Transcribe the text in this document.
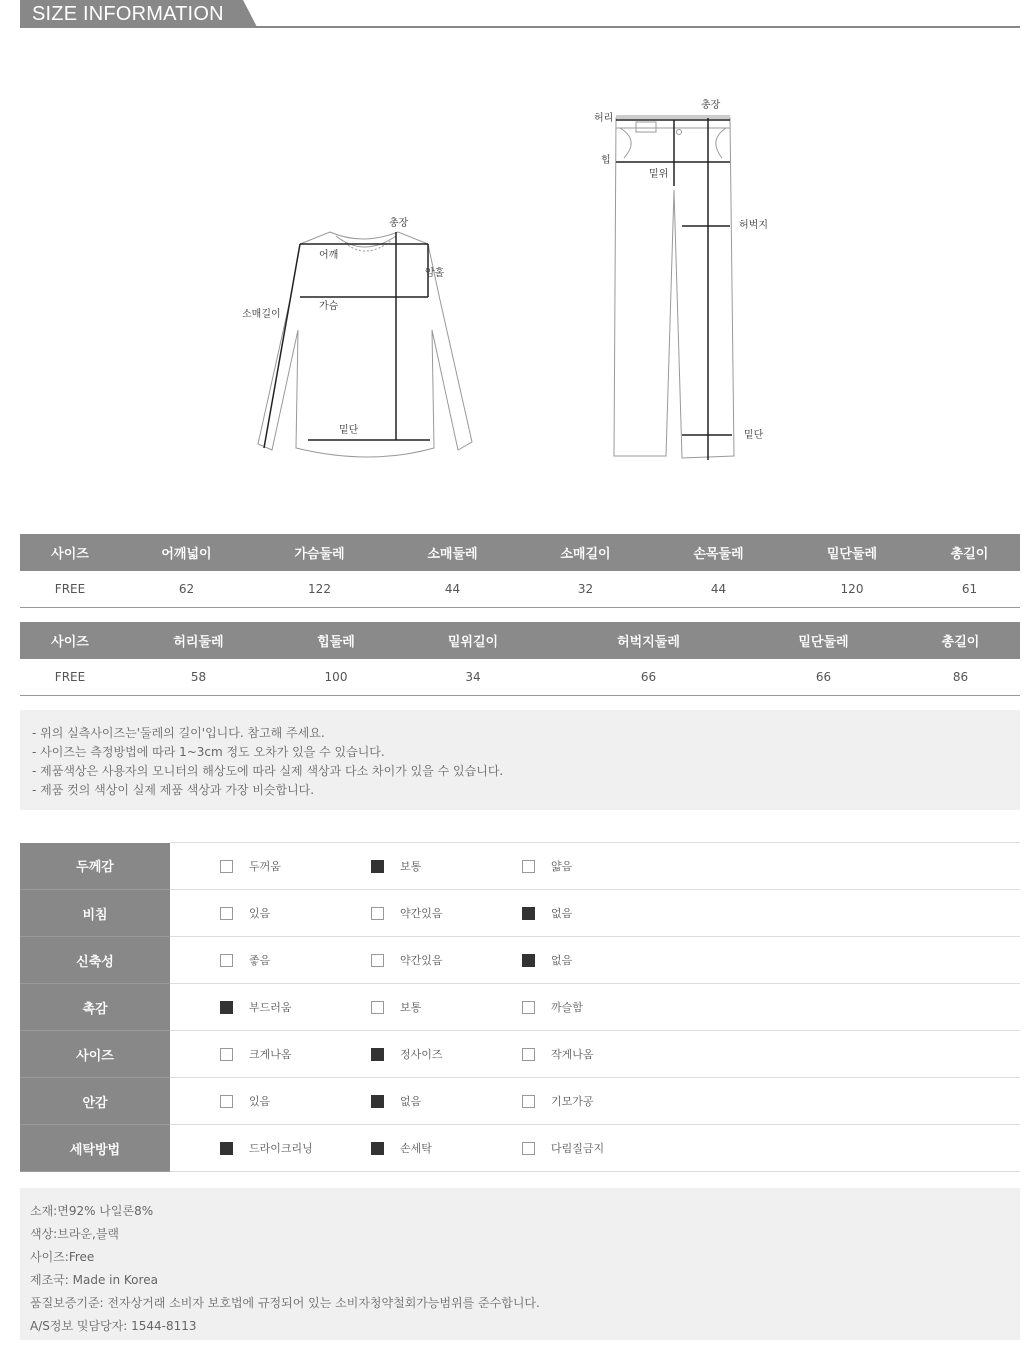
SIZE INFORMATION
총장
어깨
암홀
가슴
소매길이
밑단
총장
허리
힙
밑위
허벅지
밑단
사이즈	어깨넓이	가슴둘레	소매둘레	소매길이	손목둘레	밑단둘레	총길이
FREE	62	122	44	32	44	120	61
사이즈	허리둘레	힙둘레	밑위길이	허벅지둘레	밑단둘레	총길이
FREE	58	100	34	66	66	86

- 위의 실측사이즈는'둘레의 길이'입니다. 참고해 주세요.

- 사이즈는 측정방법에 따라 1~3cm 정도 오차가 있을 수 있습니다.

- 제품색상은 사용자의 모니터의 해상도에 따라 실제 색상과 다소 차이가 있을 수 있습니다.

- 제품 컷의 색상이 실제 제품 색상과 가장 비슷합니다.

두께감	두꺼움 보통 얇음

비침	있음 약간있음 없음

신축성	좋음 약간있음 없음

촉감	부드러움 보통 까슬함

사이즈	크게나옴 정사이즈 작게나옴

안감	있음 없음 기모가공

세탁방법	드라이크리닝 손세탁 다림질금지

소재:면92% 나일론8%

색상:브라운,블랙

사이즈:Free

제조국: Made in Korea

품질보증기준: 전자상거래 소비자 보호법에 규정되어 있는 소비자청약철회가능범위를 준수합니다.

A/S정보 및담당자: 1544-8113
